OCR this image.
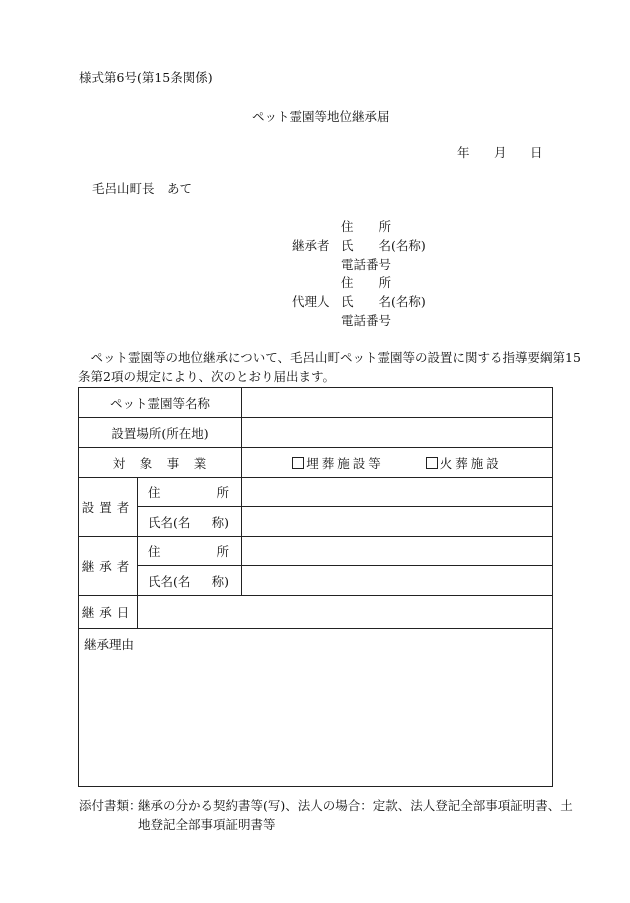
様式第6号(第15条関係)
ペット霊園等地位継承届
年 月 日
毛呂山町長　あて
住　　所
継承者 氏　　名(名称)
電話番号
住　　所
代理人 氏　　名(名称)
電話番号
　ペット霊園等の地位継承について、毛呂山町ペット霊園等の設置に関する指導要綱第15
条第2項の規定により、次のとおり届出ます。
ペット霊園等名称		
設置場所(所在地)		
対　象　事　業		埋葬施設等 火葬施設
設置者	住 所	

	氏名(名 称)	

継承者	住 所	

	氏名(名 称)	

継承日		
継承理由		
添付書類：
継承の分かる契約書等(写)、法人の場合：定款、法人登記全部事項証明書、土
地登記全部事項証明書等
